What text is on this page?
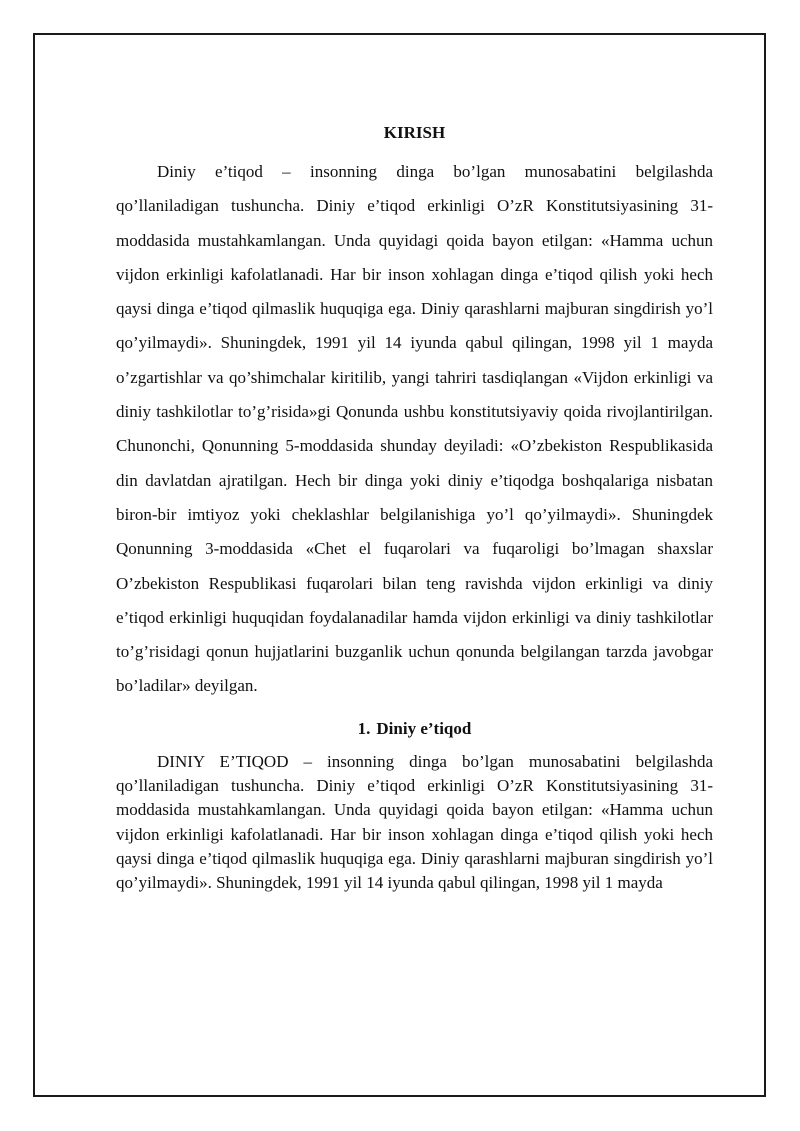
KIRISH

Diniy e’tiqod – insonning dinga bo’lgan munosabatini belgilashda qo’llaniladigan tushuncha. Diniy e’tiqod erkinligi O’zR Konstitutsiyasining 31-moddasida mustahkamlangan. Unda quyidagi qoida bayon etilgan: «Hamma uchun vijdon erkinligi kafolatlanadi. Har bir inson xohlagan dinga e’tiqod qilish yoki hech qaysi dinga e’tiqod qilmaslik huquqiga ega. Diniy qarashlarni majburan singdirish yo’l qo’yilmaydi». Shuningdek, 1991 yil 14 iyunda qabul qilingan, 1998 yil 1 mayda o’zgartishlar va qo’shimchalar kiritilib, yangi tahriri tasdiqlangan «Vijdon erkinligi va diniy tashkilotlar to’g’risida»gi Qonunda ushbu konstitutsiyaviy qoida rivojlantirilgan. Chunonchi, Qonunning 5-moddasida shunday deyiladi: «O’zbekiston Respublikasida din davlatdan ajratilgan. Hech bir dinga yoki diniy e’tiqodga boshqalariga nisbatan biron-bir imtiyoz yoki cheklashlar belgilanishiga yo’l qo’yilmaydi». Shuningdek Qonunning 3-moddasida «Chet el fuqarolari va fuqaroligi bo’lmagan shaxslar O’zbekiston Respublikasi fuqarolari bilan teng ravishda vijdon erkinligi va diniy e’tiqod erkinligi huquqidan foydalanadilar hamda vijdon erkinligi va diniy tashkilotlar to’g’risidagi qonun hujjatlarini buzganlik uchun qonunda belgilangan tarzda javobgar bo’ladilar» deyilgan.

1. Diniy e’tiqod

DINIY E’TIQOD – insonning dinga bo’lgan munosabatini belgilashda qo’llaniladigan tushuncha. Diniy e’tiqod erkinligi O’zR Konstitutsiyasining 31-moddasida mustahkamlangan. Unda quyidagi qoida bayon etilgan: «Hamma uchun vijdon erkinligi kafolatlanadi. Har bir inson xohlagan dinga e’tiqod qilish yoki hech qaysi dinga e’tiqod qilmaslik huquqiga ega. Diniy qarashlarni majburan singdirish yo’l qo’yilmaydi». Shuningdek, 1991 yil 14 iyunda qabul qilingan, 1998 yil 1 mayda
